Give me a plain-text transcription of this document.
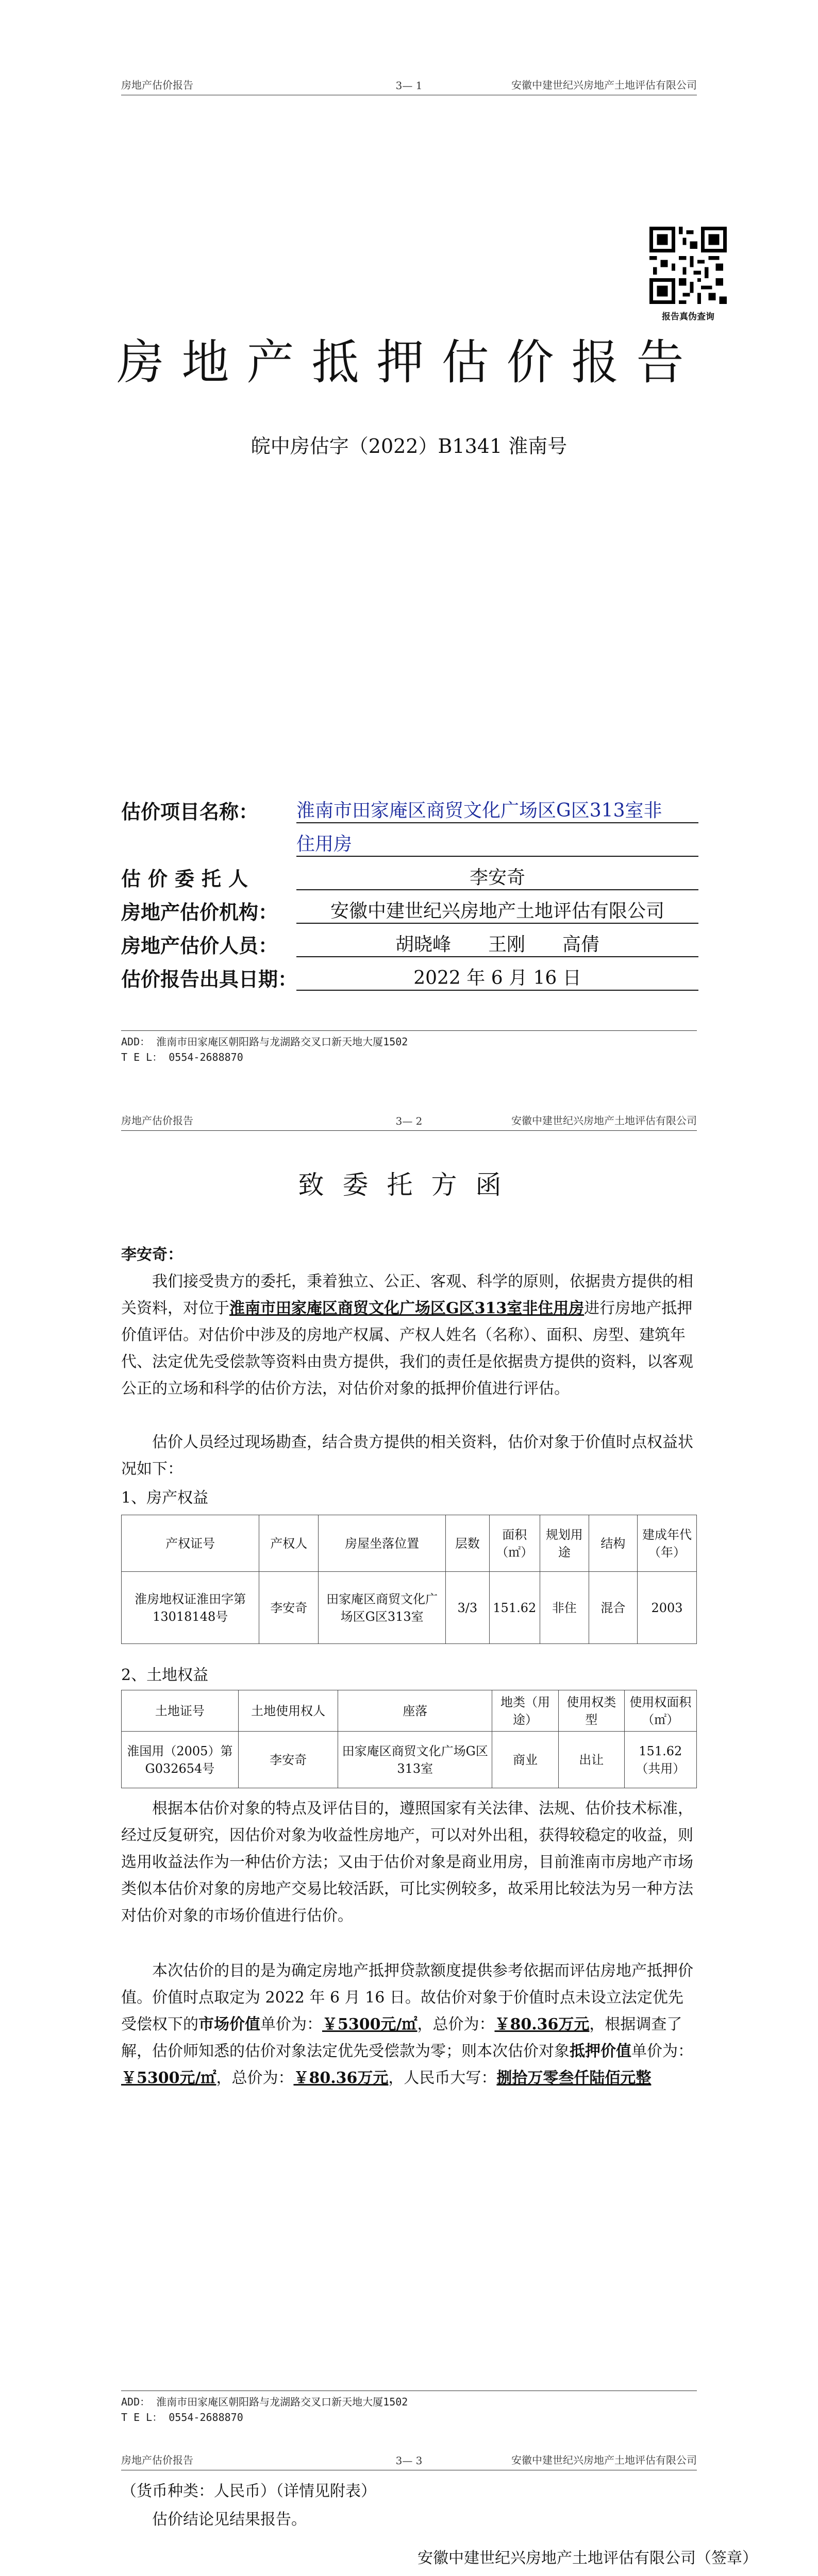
房地产估价报告	3— 1	安徽中建世纪兴房地产土地评估有限公司
报告真伪查询
房地产抵押估价报告
皖中房估字（2022）B1341 淮南号
估价项目名称： 淮南市田家庵区商贸文化广场区G区313室非
住用房
估价委托人	李安奇
房地产估价机构：	安徽中建世纪兴房地产土地评估有限公司
房地产估价人员：	胡晓峰　　王刚　　高倩
估价报告出具日期：	2022 年 6 月 16 日
ADD： 淮南市田家庵区朝阳路与龙湖路交叉口新天地大厦1502
T E L： 0554-2688870
房地产估价报告	3— 2	安徽中建世纪兴房地产土地评估有限公司
致委托方函
李安奇：
我们接受贵方的委托，秉着独立、公正、客观、科学的原则，依据贵方提供的相关资料，对位于淮南市田家庵区商贸文化广场区G区313室非住用房进行房地产抵押价值评估。对估价中涉及的房地产权属、产权人姓名（名称）、面积、房型、建筑年代、法定优先受偿款等资料由贵方提供，我们的责任是依据贵方提供的资料，以客观公正的立场和科学的估价方法，对估价对象的抵押价值进行评估。
估价人员经过现场勘查，结合贵方提供的相关资料，估价对象于价值时点权益状况如下：
1、房产权益
产权证号	产权人	房屋坐落位置	层数	面积（㎡）	规划用途	结构	建成年代（年）
淮房地权证淮田字第13018148号	李安奇	田家庵区商贸文化广场区G区313室	3/3	151.62	非住	混合	2003
2、土地权益
土地证号	土地使用权人	座落	地类（用途）	使用权类型	使用权面积（㎡）
淮国用（2005）第G032654号	李安奇	田家庵区商贸文化广场G区313室	商业	出让	151.62（共用）
根据本估价对象的特点及评估目的，遵照国家有关法律、法规、估价技术标准，经过反复研究，因估价对象为收益性房地产，可以对外出租，获得较稳定的收益，则选用收益法作为一种估价方法；又由于估价对象是商业用房，目前淮南市房地产市场类似本估价对象的房地产交易比较活跃，可比实例较多，故采用比较法为另一种方法对估价对象的市场价值进行估价。
本次估价的目的是为确定房地产抵押贷款额度提供参考依据而评估房地产抵押价值。价值时点取定为 2022 年 6 月 16 日。故估价对象于价值时点未设立法定优先受偿权下的市场价值单价为：￥5300元/㎡，总价为：￥80.36万元，根据调查了解，估价师知悉的估价对象法定优先受偿款为零；则本次估价对象抵押价值单价为：￥5300元/㎡，总价为：￥80.36万元，人民币大写：捌拾万零叁仟陆佰元整
ADD： 淮南市田家庵区朝阳路与龙湖路交叉口新天地大厦1502
T E L： 0554-2688870
房地产估价报告	3— 3	安徽中建世纪兴房地产土地评估有限公司
（货币种类：人民币）（详情见附表）
估价结论见结果报告。
安徽中建世纪兴房地产土地评估有限公司（签章）
